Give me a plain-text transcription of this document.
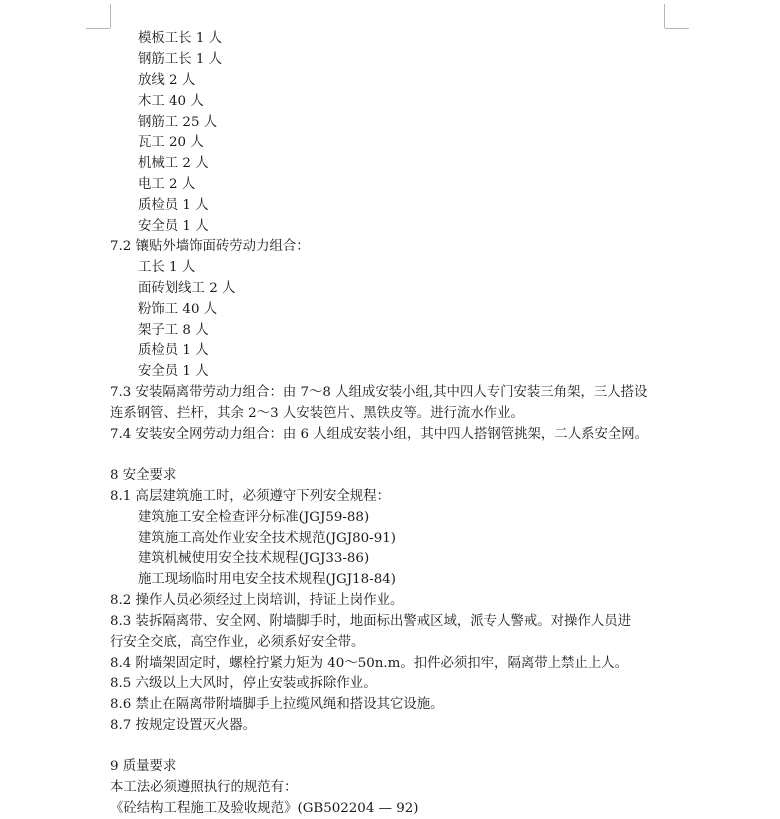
模板工长 1 人
钢筋工长 1 人
放线 2 人
木工 40 人
钢筋工 25 人
瓦工 20 人
机械工 2 人
电工 2 人
质检员 1 人
安全员 1 人
7.2 镶贴外墙饰面砖劳动力组合：
工长 1 人
面砖划线工 2 人
粉饰工 40 人
架子工 8 人
质检员 1 人
安全员 1 人
7.3 安装隔离带劳动力组合：由 7～8 人组成安装小组,其中四人专门安装三角架，三人搭设
连系钢管、拦杆，其余 2～3 人安装笆片、黑铁皮等。进行流水作业。
7.4 安装安全网劳动力组合：由 6 人组成安装小组，其中四人搭钢管挑架，二人系安全网。
8 安全要求
8.1 高层建筑施工时，必须遵守下列安全规程：
建筑施工安全检查评分标准(JGJ59-88)
建筑施工高处作业安全技术规范(JGJ80-91)
建筑机械使用安全技术规程(JGJ33-86)
施工现场临时用电安全技术规程(JGJ18-84)
8.2 操作人员必须经过上岗培训，持证上岗作业。
8.3 装拆隔离带、安全网、附墙脚手时，地面标出警戒区域，派专人警戒。对操作人员进
行安全交底，高空作业，必须系好安全带。
8.4 附墙架固定时，螺栓拧紧力矩为 40～50n.m。扣件必须扣牢，隔离带上禁止上人。
8.5 六级以上大风时，停止安装或拆除作业。
8.6 禁止在隔离带附墙脚手上拉缆风绳和搭设其它设施。
8.7 按规定设置灭火器。
9 质量要求
本工法必须遵照执行的规范有：
《砼结构工程施工及验收规范》(GB502204 — 92)
